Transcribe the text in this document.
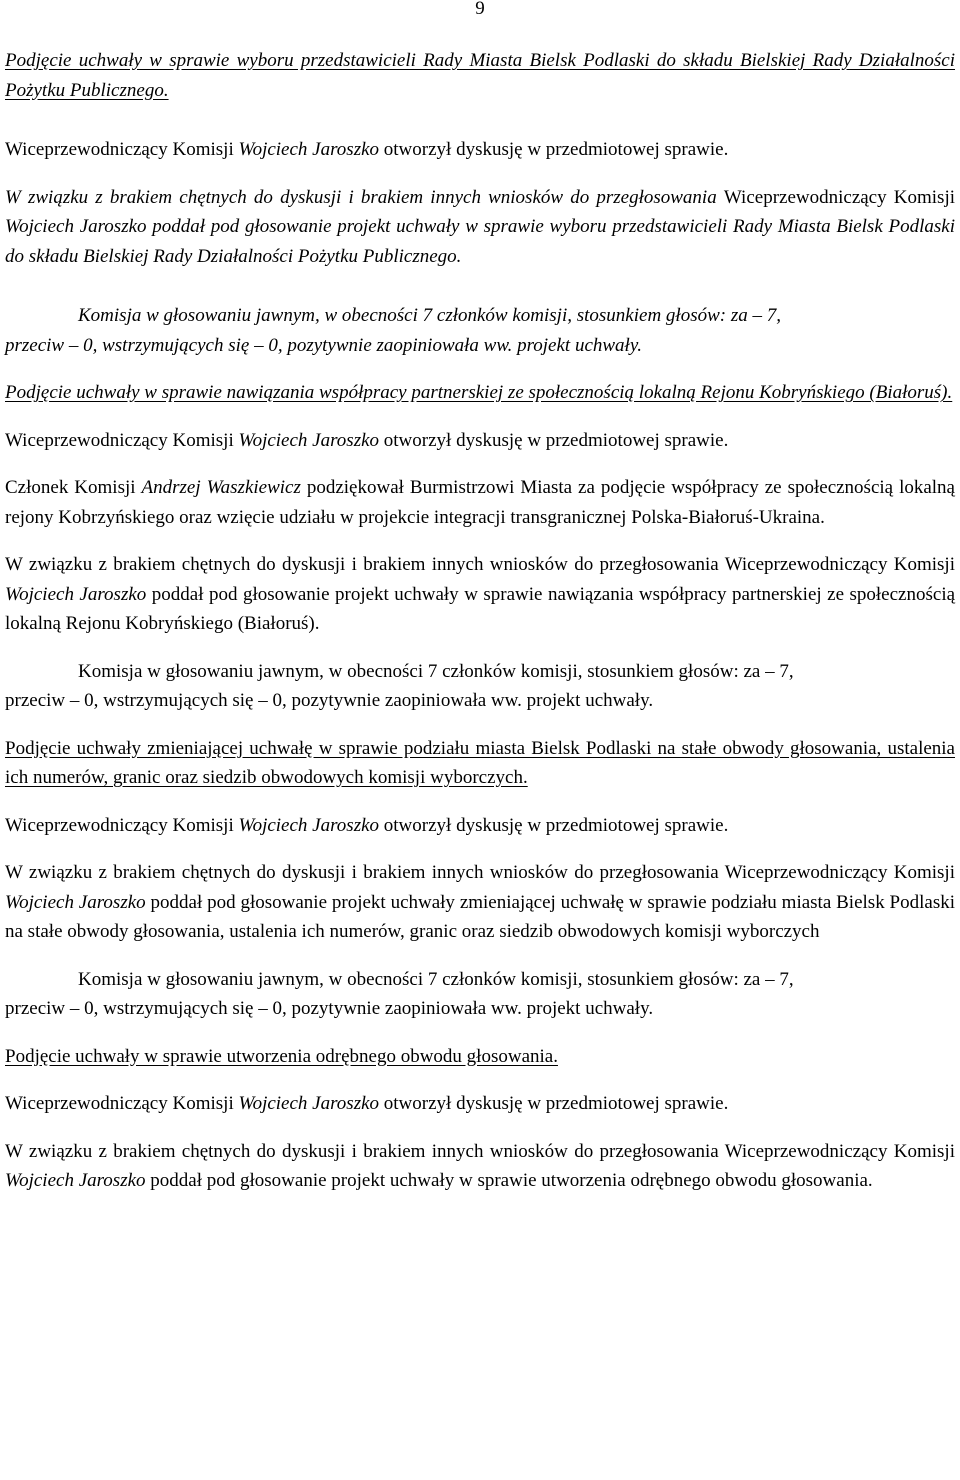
9

Podjęcie uchwały w sprawie wyboru przedstawicieli Rady Miasta Bielsk Podlaski do składu Bielskiej Rady Działalności Pożytku Publicznego.

Wiceprzewodniczący Komisji Wojciech Jaroszko otworzył dyskusję w przedmiotowej sprawie.

W związku z brakiem chętnych do dyskusji i brakiem innych wniosków do przegłosowania Wiceprzewodniczący Komisji Wojciech Jaroszko poddał pod głosowanie projekt uchwały w sprawie wyboru przedstawicieli Rady Miasta Bielsk Podlaski do składu Bielskiej Rady Działalności Pożytku Publicznego.

Komisja w głosowaniu jawnym, w obecności 7 członków komisji, stosunkiem głosów: za – 7,

przeciw – 0, wstrzymujących się – 0, pozytywnie zaopiniowała ww. projekt uchwały.

Podjęcie uchwały w sprawie nawiązania współpracy partnerskiej ze społecznością lokalną Rejonu Kobryńskiego (Białoruś).

Wiceprzewodniczący Komisji Wojciech Jaroszko otworzył dyskusję w przedmiotowej sprawie.

Członek Komisji Andrzej Waszkiewicz podziękował Burmistrzowi Miasta za podjęcie współpracy ze społecznością lokalną rejony Kobrzyńskiego oraz wzięcie udziału w projekcie integracji transgranicznej Polska-Białoruś-Ukraina.

W związku z brakiem chętnych do dyskusji i brakiem innych wniosków do przegłosowania Wiceprzewodniczący Komisji Wojciech Jaroszko poddał pod głosowanie projekt uchwały w sprawie nawiązania współpracy partnerskiej ze społecznością lokalną Rejonu Kobryńskiego (Białoruś).

Komisja w głosowaniu jawnym, w obecności 7 członków komisji, stosunkiem głosów: za – 7,

przeciw – 0, wstrzymujących się – 0, pozytywnie zaopiniowała ww. projekt uchwały.

Podjęcie uchwały zmieniającej uchwałę w sprawie podziału miasta Bielsk Podlaski na stałe obwody głosowania, ustalenia ich numerów, granic oraz siedzib obwodowych komisji wyborczych.

Wiceprzewodniczący Komisji Wojciech Jaroszko otworzył dyskusję w przedmiotowej sprawie.

W związku z brakiem chętnych do dyskusji i brakiem innych wniosków do przegłosowania Wiceprzewodniczący Komisji Wojciech Jaroszko poddał pod głosowanie projekt uchwały zmieniającej uchwałę w sprawie podziału miasta Bielsk Podlaski na stałe obwody głosowania, ustalenia ich numerów, granic oraz siedzib obwodowych komisji wyborczych

Komisja w głosowaniu jawnym, w obecności 7 członków komisji, stosunkiem głosów: za – 7,

przeciw – 0, wstrzymujących się – 0, pozytywnie zaopiniowała ww. projekt uchwały.

Podjęcie uchwały w sprawie utworzenia odrębnego obwodu głosowania.

Wiceprzewodniczący Komisji Wojciech Jaroszko otworzył dyskusję w przedmiotowej sprawie.

W związku z brakiem chętnych do dyskusji i brakiem innych wniosków do przegłosowania Wiceprzewodniczący Komisji Wojciech Jaroszko poddał pod głosowanie projekt uchwały w sprawie utworzenia odrębnego obwodu głosowania.
